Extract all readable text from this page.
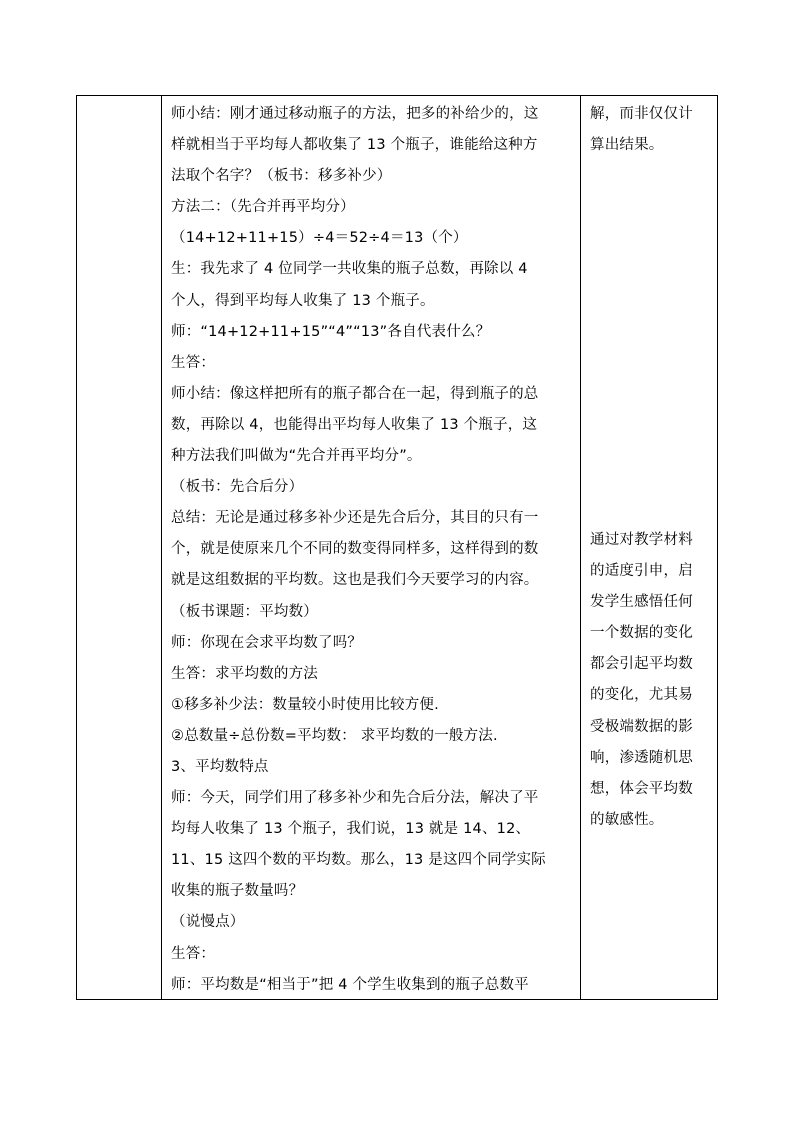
师小结：刚才通过移动瓶子的方法，把多的补给少的，这
样就相当于平均每人都收集了 13 个瓶子，谁能给这种方
法取个名字？（板书：移多补少）
方法二：（先合并再平均分）
（14+12+11+15）÷4＝52÷4＝13（个）
生：我先求了 4 位同学一共收集的瓶子总数，再除以 4
个人，得到平均每人收集了 13 个瓶子。
师：“14+12+11+15”“4”“13”各自代表什么？
生答：
师小结：像这样把所有的瓶子都合在一起，得到瓶子的总
数，再除以 4，也能得出平均每人收集了 13 个瓶子，这
种方法我们叫做为“先合并再平均分”。
（板书：先合后分）
总结：无论是通过移多补少还是先合后分，其目的只有一
个，就是使原来几个不同的数变得同样多，这样得到的数
就是这组数据的平均数。这也是我们今天要学习的内容。
（板书课题：平均数）
师：你现在会求平均数了吗？
生答：求平均数的方法
①移多补少法：数量较小时使用比较方便.
②总数量÷总份数=平均数： 求平均数的一般方法.
3、平均数特点
师：今天，同学们用了移多补少和先合后分法，解决了平
均每人收集了 13 个瓶子，我们说，13 就是 14、12、
11、15 这四个数的平均数。那么，13 是这四个同学实际
收集的瓶子数量吗？
（说慢点）
生答：
师：平均数是“相当于”把 4 个学生收集到的瓶子总数平
解，而非仅仅计
算出结果。
通过对教学材料
的适度引申，启
发学生感悟任何
一个数据的变化
都会引起平均数
的变化，尤其易
受极端数据的影
响，渗透随机思
想，体会平均数
的敏感性。
